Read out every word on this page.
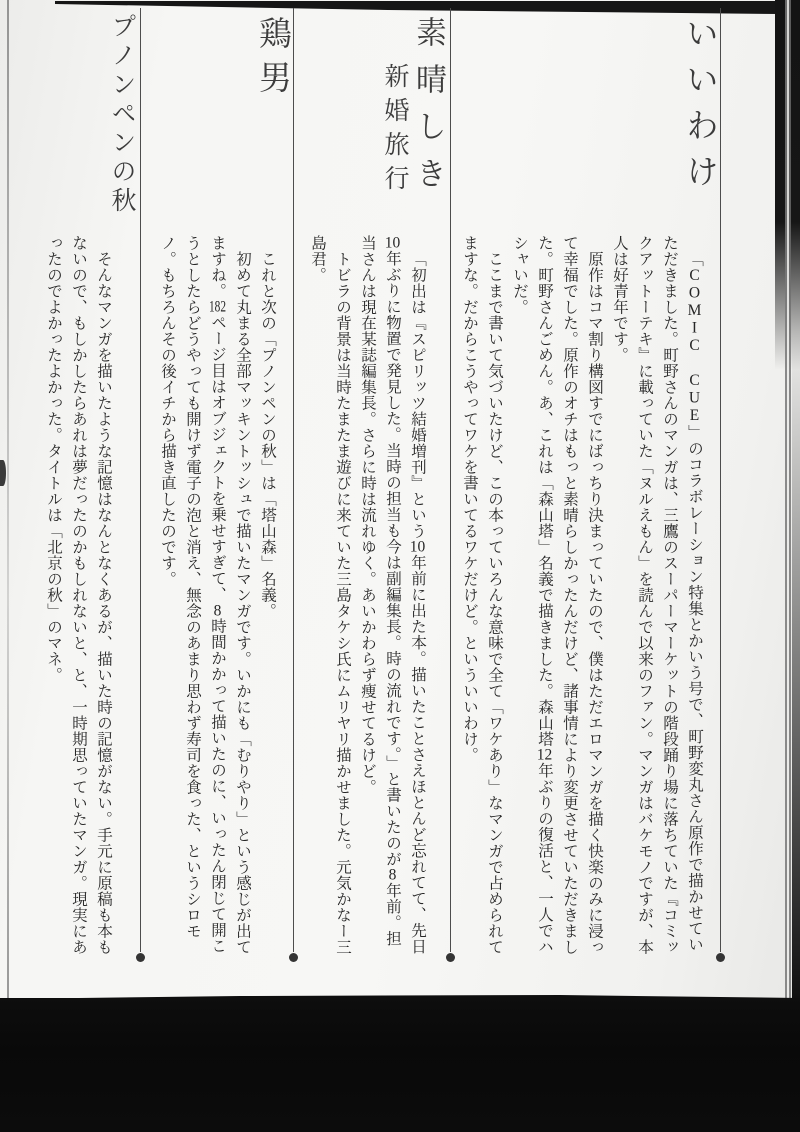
いいわけ

「COMIC CUE」のコラボレーション特集とかいう号で、町野変丸さん原作で描かせていただきました。町野さんのマンガは、三鷹のスーパーマーケットの階段踊り場に落ちていた『コミックアットーテキ』に載っていた「ヌルえもん」を読んで以来のファン。マンガはバケモノですが、本人は好青年です。

原作はコマ割り構図すでにばっちり決まっていたので、僕はただエロマンガを描く快楽のみに浸って幸福でした。原作のオチはもっと素晴らしかったんだけど、諸事情により変更させていただきました。町野さんごめん。あ、これは「森山塔」名義で描きました。森山塔12年ぶりの復活と、一人でハシャいだ。

ここまで書いて気づいたけど、この本っていろんな意味で全て「ワケあり」なマンガで占められてますな。だからこうやってワケを書いてるワケだけど。といういいわけ。

素晴しき
新婚旅行

「初出は『スピリッツ結婚増刊』という10年前に出た本。描いたことさえほとんど忘れてて、先日10年ぶりに物置で発見した。当時の担当も今は副編集長。時の流れです。」と書いたのが8年前。担当さんは現在某誌編集長。さらに時は流れゆく。あいかわらず痩せてるけど。

トビラの背景は当時たまたま遊びに来ていた三島タケシ氏にムリヤリ描かせました。元気かなー三島君。

鶏男

これと次の「プノンペンの秋」は「塔山森」名義。

初めて丸まる全部マッキントッシュで描いたマンガです。いかにも「むりやり」という感じが出てますね。182ページ目はオブジェクトを乗せすぎて、8時間かかって描いたのに、いったん閉じて開こうとしたらどうやっても開けず電子の泡と消え、無念のあまり思わず寿司を食った、というシロモノ。もちろんその後イチから描き直したのです。

プノンペンの秋

そんなマンガを描いたような記憶はなんとなくあるが、描いた時の記憶がない。手元に原稿も本もないので、もしかしたらあれは夢だったのかもしれないと、と、一時期思っていたマンガ。現実にあったのでよかったよかった。タイトルは「北京の秋」のマネ。
